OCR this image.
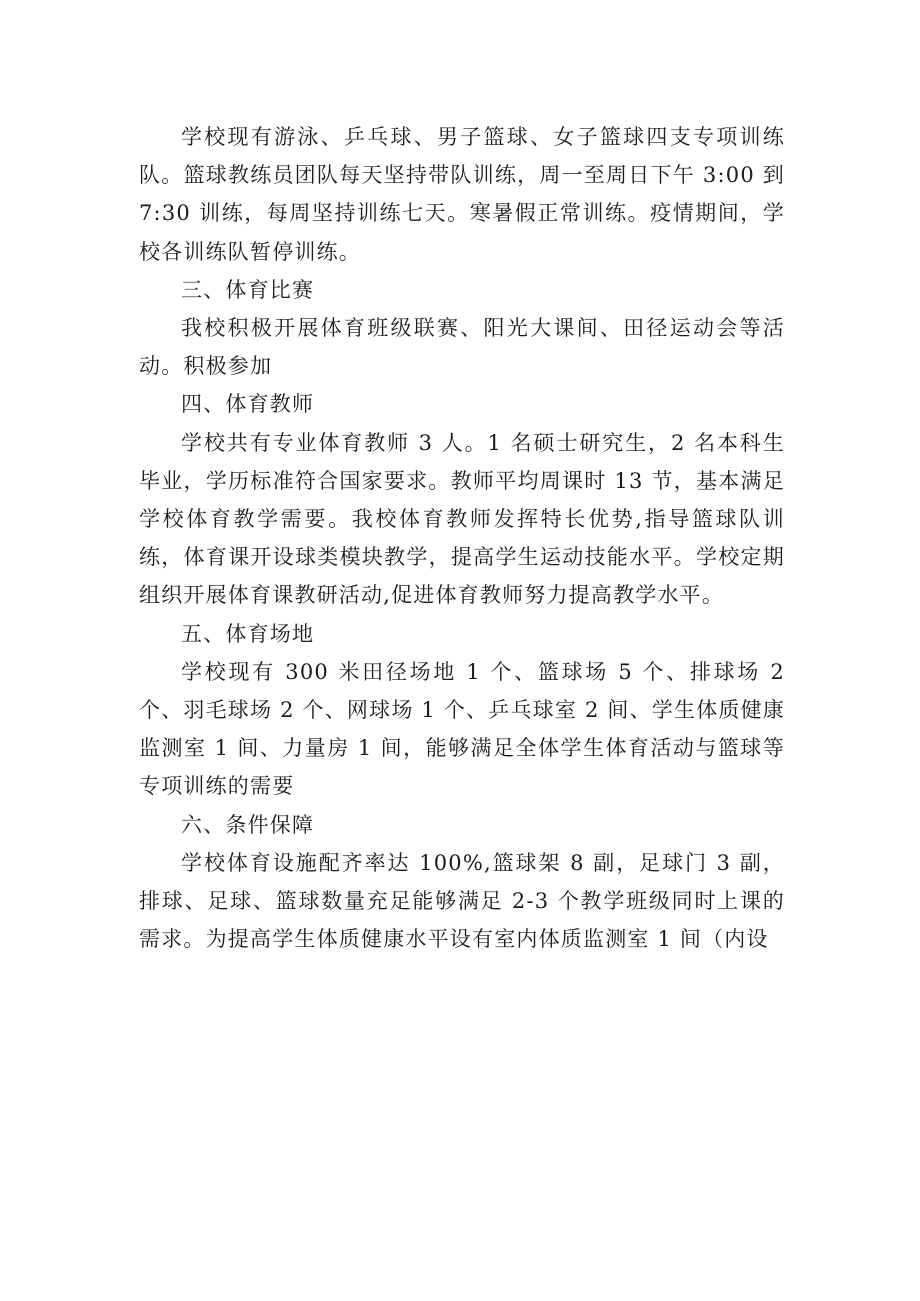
学校现有游泳、乒乓球、男子篮球、女子篮球四支专项训练队。篮球教练员团队每天坚持带队训练，周一至周日下午 3:00 到 7:30 训练，每周坚持训练七天。寒暑假正常训练。疫情期间，学校各训练队暂停训练。

三、体育比赛

我校积极开展体育班级联赛、阳光大课间、田径运动会等活动。积极参加

四、体育教师

学校共有专业体育教师 3 人。1 名硕士研究生，2 名本科生毕业，学历标准符合国家要求。教师平均周课时 13 节，基本满足学校体育教学需要。我校体育教师发挥特长优势,指导篮球队训练，体育课开设球类模块教学，提高学生运动技能水平。学校定期组织开展体育课教研活动,促进体育教师努力提高教学水平。

五、体育场地

学校现有 300 米田径场地 1 个、篮球场 5 个、排球场 2 个、羽毛球场 2 个、网球场 1 个、乒乓球室 2 间、学生体质健康监测室 1 间、力量房 1 间，能够满足全体学生体育活动与篮球等专项训练的需要

六、条件保障

学校体育设施配齐率达 100%,篮球架 8 副，足球门 3 副，排球、足球、篮球数量充足能够满足 2-3 个教学班级同时上课的需求。为提高学生体质健康水平设有室内体质监测室 1 间（内设
